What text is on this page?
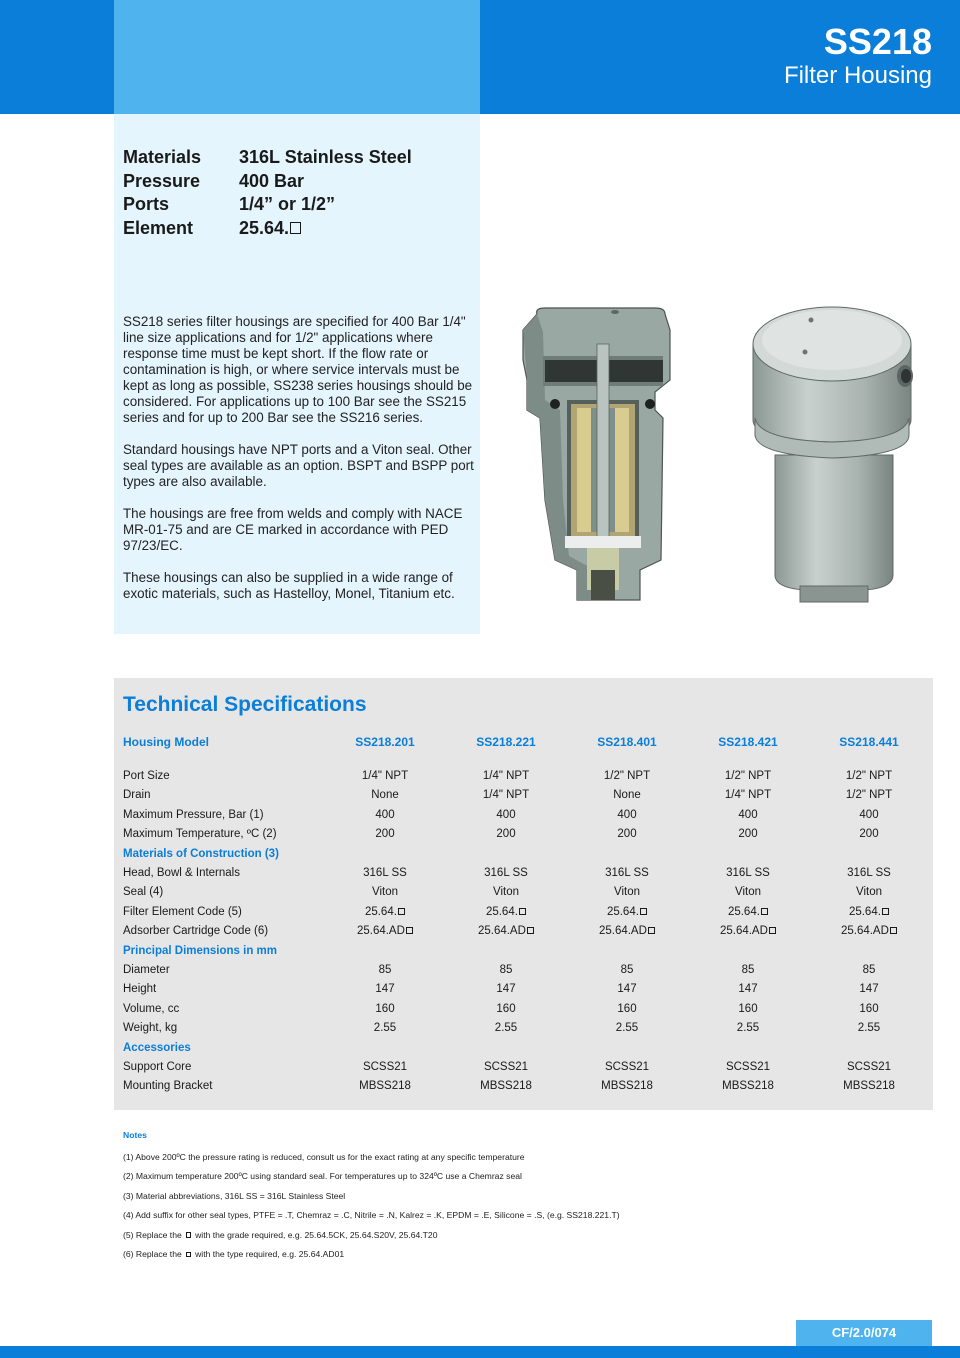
SS218
Filter Housing
Materials	316L Stainless Steel
Pressure	400 Bar
Ports	1/4” or 1/2”
Element	25.64.

SS218 series filter housings are specified for 400 Bar 1/4" line size applications and for 1/2" applications where response time must be kept short. If the flow rate or contamination is high, or where service intervals must be kept as long as possible, SS238 series housings should be considered. For applications up to 100 Bar see the SS215 series and for up to 200 Bar see the SS216 series.

Standard housings have NPT ports and a Viton seal. Other seal types are available as an option. BSPT and BSPP port types are also available.

The housings are free from welds and comply with NACE MR-01-75 and are CE marked in accordance with PED 97/23/EC.

These housings can also be supplied in a wide range of exotic materials, such as Hastelloy, Monel, Titanium etc.

Technical Specifications
Housing Model	SS218.201	SS218.221	SS218.401	SS218.421	SS218.441
Port Size	1/4" NPT	1/4" NPT	1/2" NPT	1/2" NPT	1/2" NPT
Drain	None	1/4" NPT	None	1/4" NPT	1/2" NPT
Maximum Pressure, Bar (1)	400	400	400	400	400
Maximum Temperature, ºC (2)	200	200	200	200	200
Materials of Construction (3)
Head, Bowl & Internals	316L SS	316L SS	316L SS	316L SS	316L SS
Seal (4)	Viton	Viton	Viton	Viton	Viton
Filter Element Code (5)	25.64.	25.64.	25.64.	25.64.	25.64.
Adsorber Cartridge Code (6)	25.64.AD	25.64.AD	25.64.AD	25.64.AD	25.64.AD
Principal Dimensions in mm
Diameter	85	85	85	85	85
Height	147	147	147	147	147
Volume, cc	160	160	160	160	160
Weight, kg	2.55	2.55	2.55	2.55	2.55
Accessories
Support Core	SCSS21	SCSS21	SCSS21	SCSS21	SCSS21
Mounting Bracket	MBSS218	MBSS218	MBSS218	MBSS218	MBSS218
Notes
(1) Above 200ºC the pressure rating is reduced, consult us for the exact rating at any specific temperature
(2) Maximum temperature 200ºC using standard seal. For temperatures up to 324ºC use a Chemraz seal
(3) Material abbreviations, 316L SS = 316L Stainless Steel
(4) Add suffix for other seal types, PTFE = .T, Chemraz = .C, Nitrile = .N, Kalrez = .K, EPDM = .E, Silicone = .S, (e.g. SS218.221.T)
(5) Replace the with the grade required, e.g. 25.64.5CK, 25.64.S20V, 25.64.T20
(6) Replace the with the type required, e.g. 25.64.AD01
CF/2.0/074
